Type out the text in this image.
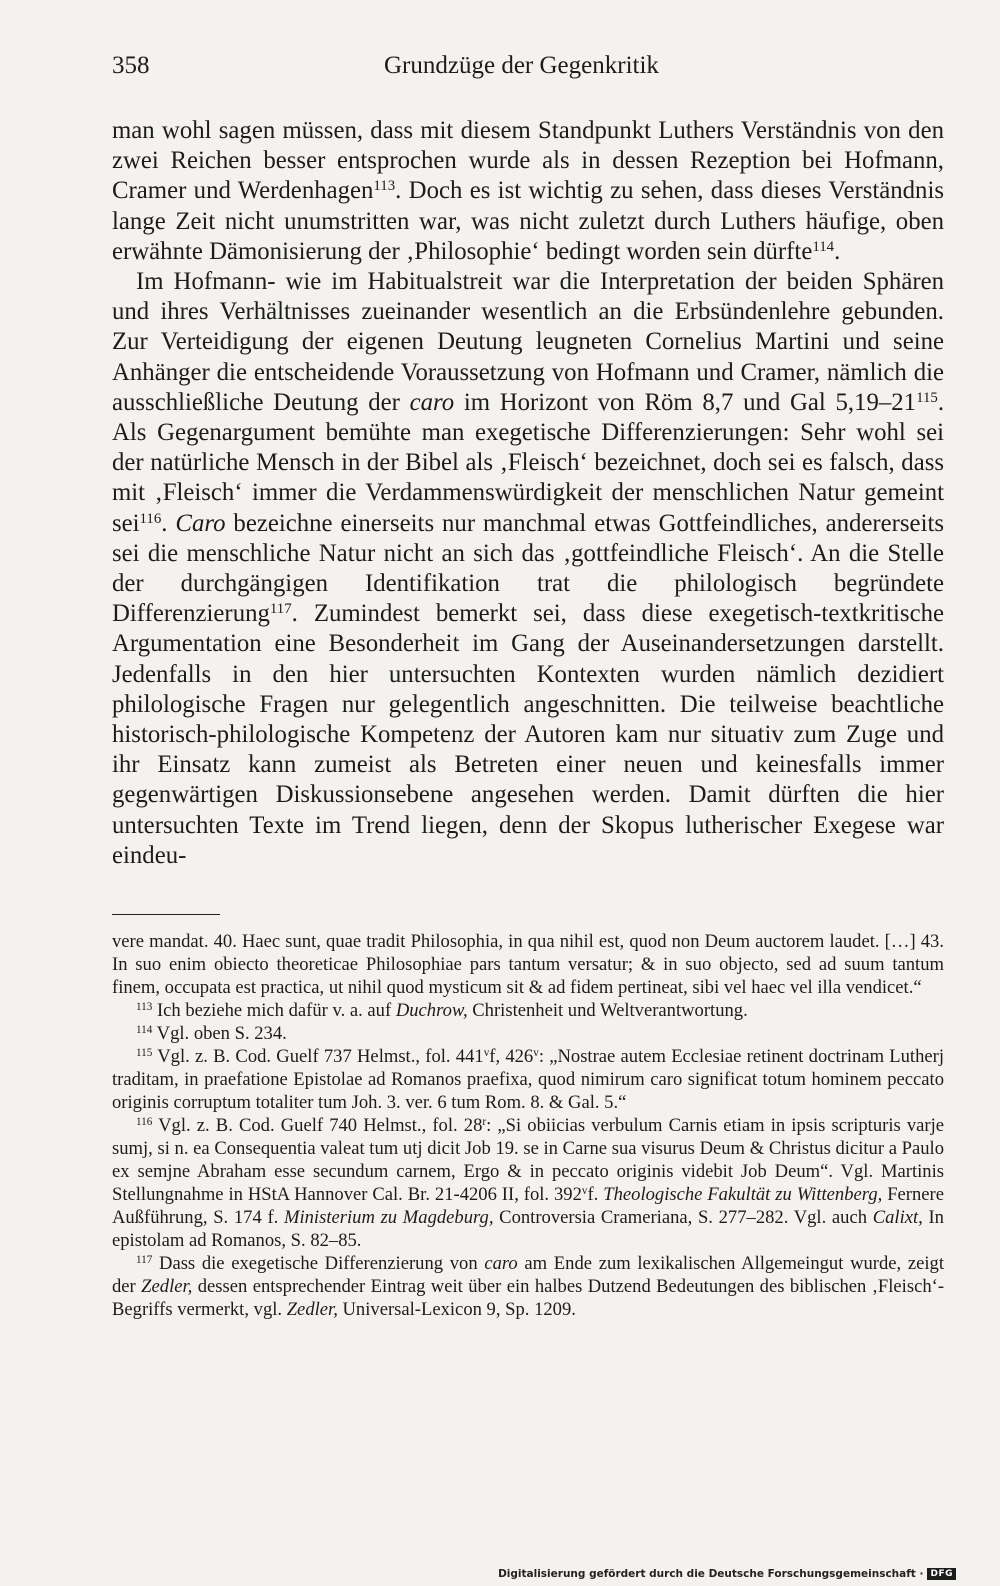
358	Grundzüge der Gegenkritik

man wohl sagen müssen, dass mit diesem Standpunkt Luthers Verständnis von den zwei Reichen besser entsprochen wurde als in dessen Rezeption bei Hofmann, Cramer und Werdenhagen$^{113}$. Doch es ist wichtig zu sehen, dass dieses Verständnis lange Zeit nicht unumstritten war, was nicht zuletzt durch Luthers häufige, oben erwähnte Dämonisierung der ‚Philosophie‘ bedingt worden sein dürfte$^{114}$.

Im Hofmann- wie im Habitualstreit war die Interpretation der beiden Sphären und ihres Verhältnisses zueinander wesentlich an die Erbsündenlehre gebunden. Zur Verteidigung der eigenen Deutung leugneten Cornelius Martini und seine Anhänger die entscheidende Voraussetzung von Hofmann und Cramer, nämlich die ausschließliche Deutung der caro im Horizont von Röm 8,7 und Gal $5,19-21^{115}$. Als Gegenargument bemühte man exegetische Differenzierungen: Sehr wohl sei der natürliche Mensch in der Bibel als ‚Fleisch‘ bezeichnet, doch sei es falsch, dass mit ‚Fleisch‘ immer die Verdammenswürdigkeit der menschlichen Natur gemeint sei$^{116}$. Caro bezeichne einerseits nur manchmal etwas Gottfeindliches, andererseits sei die menschliche Natur nicht an sich das ‚gottfeindliche Fleisch‘. An die Stelle der durchgängigen Identifikation trat die philologisch begründete Differenzierung$^{117}$. Zumindest bemerkt sei, dass diese exegetisch-textkritische Argumentation eine Besonderheit im Gang der Auseinandersetzungen darstellt. Jedenfalls in den hier untersuchten Kontexten wurden nämlich dezidiert philologische Fragen nur gelegentlich angeschnitten. Die teilweise beachtliche historisch-philologische Kompetenz der Autoren kam nur situativ zum Zuge und ihr Einsatz kann zumeist als Betreten einer neuen und keinesfalls immer gegenwärtigen Diskussionsebene angesehen werden. Damit dürften die hier untersuchten Texte im Trend liegen, denn der Skopus lutherischer Exegese war eindeu-

vere mandat. 40. Haec sunt, quae tradit Philosophia, in qua nihil est, quod non Deum auctorem laudet. […] 43. In suo enim obiecto theoreticae Philosophiae pars tantum versatur; & in suo objecto, sed ad suum tantum finem, occupata est practica, ut nihil quod mysticum sit & ad fidem pertineat, sibi vel haec vel illa vendicet.“

$^{113}$ Ich beziehe mich dafür v. a. auf Duchrow, Christenheit und Weltverantwortung.

$^{114}$ Vgl. oben S. 234.

$^{115}$ Vgl. z. B. Cod. Guelf 737 Helmst., fol. 441$^v$f, 426$^v$: „Nostrae autem Ecclesiae retinent doctrinam Lutherj traditam, in praefatione Epistolae ad Romanos praefixa, quod nimirum caro significat totum hominem peccato originis corruptum totaliter tum Joh. 3. ver. 6 tum Rom. 8. & Gal. 5.“

$^{116}$ Vgl. z. B. Cod. Guelf 740 Helmst., fol. 28$^r$: „Si obiicias verbulum Carnis etiam in ipsis scripturis varje sumj, si n. ea Consequentia valeat tum utj dicit Job 19. se in Carne sua visurus Deum & Christus dicitur a Paulo ex semjne Abraham esse secundum carnem, Ergo & in peccato originis videbit Job Deum“. Vgl. Martinis Stellungnahme in HStA Hannover Cal. Br. 21-4206 II, fol. 392$^v$f. Theologische Fakultät zu Wittenberg, Fernere Außführung, S. 174 f. Ministerium zu Magdeburg, Controversia Crameriana, S. 277–282. Vgl. auch Calixt, In epistolam ad Romanos, S. 82–85.

$^{117}$ Dass die exegetische Differenzierung von caro am Ende zum lexikalischen Allgemeingut wurde, zeigt der Zedler, dessen entsprechender Eintrag weit über ein halbes Dutzend Bedeutungen des biblischen ‚Fleisch‘-Begriffs vermerkt, vgl. Zedler, Universal-Lexicon 9, Sp. 1209.

Digitalisierung gefördert durch die Deutsche Forschungsgemeinschaft · DFG
